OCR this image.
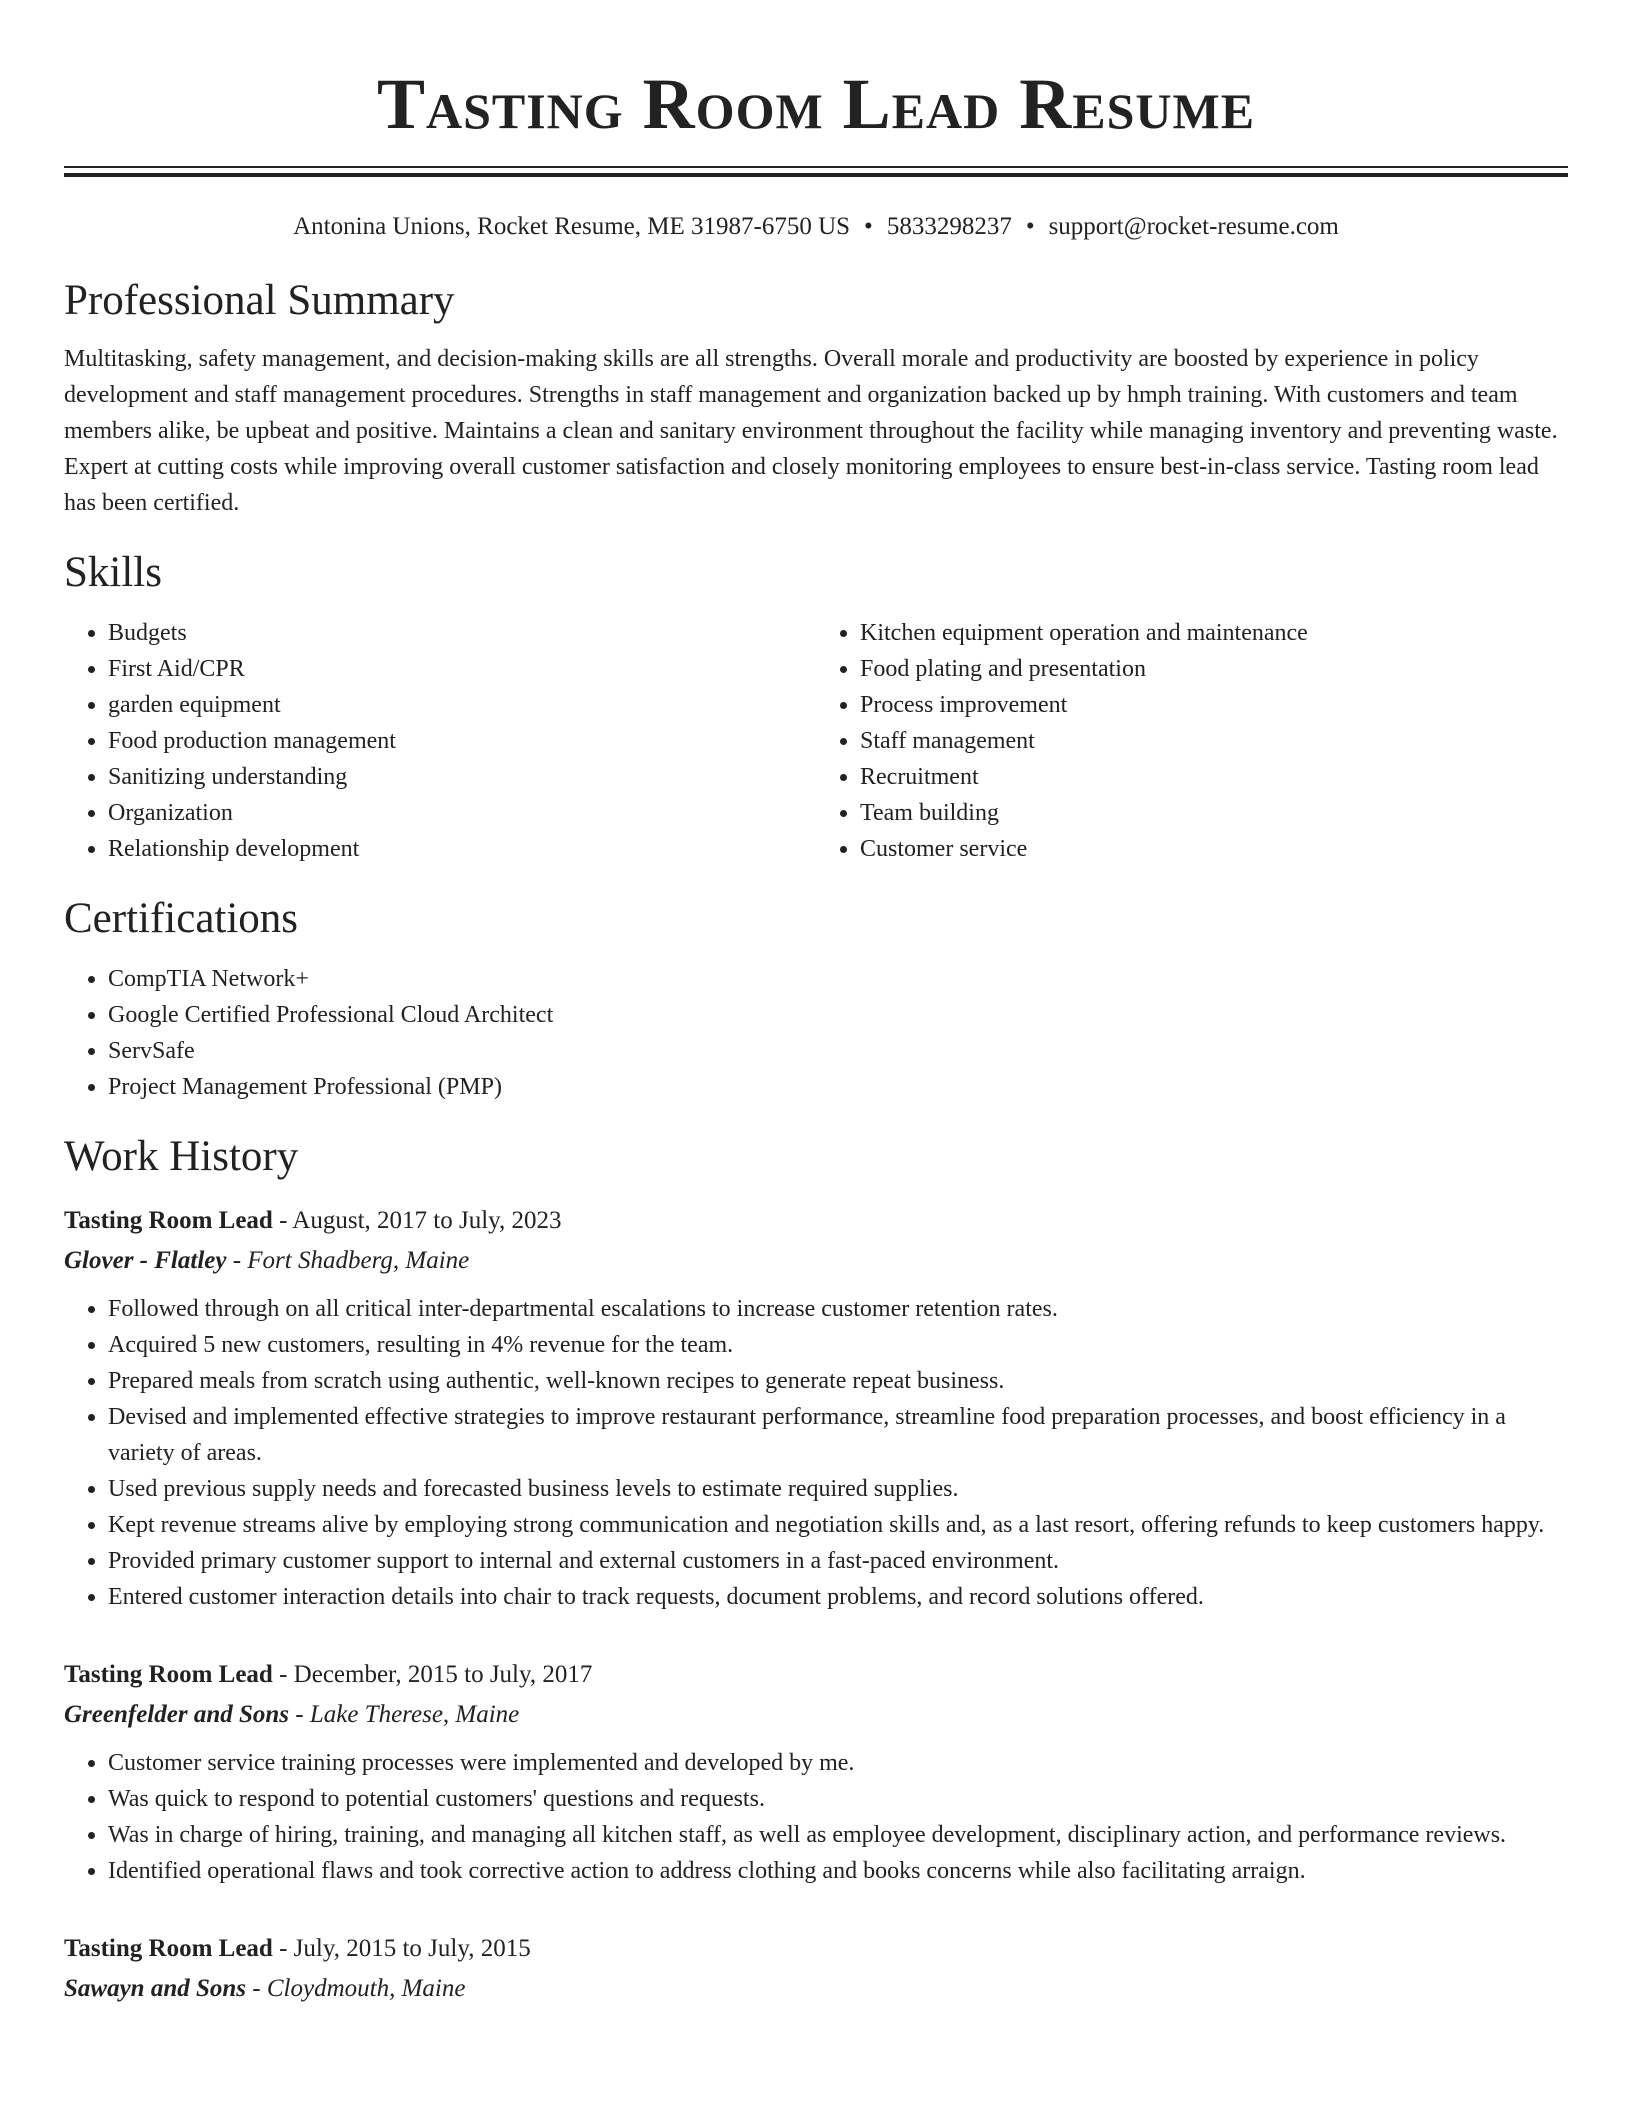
Tasting Room Lead Resume
Antonina Unions, Rocket Resume, ME 31987-6750 US • 5833298237 • support@rocket-resume.com
Professional Summary
Multitasking, safety management, and decision-making skills are all strengths. Overall morale and productivity are boosted by experience in policy development and staff management procedures. Strengths in staff management and organization backed up by hmph training. With customers and team members alike, be upbeat and positive. Maintains a clean and sanitary environment throughout the facility while managing inventory and preventing waste. Expert at cutting costs while improving overall customer satisfaction and closely monitoring employees to ensure best-in-class service. Tasting room lead has been certified.
Skills
• Budgets
• First Aid/CPR
• garden equipment
• Food production management
• Sanitizing understanding
• Organization
• Relationship development
• Kitchen equipment operation and maintenance
• Food plating and presentation
• Process improvement
• Staff management
• Recruitment
• Team building
• Customer service
Certifications
• CompTIA Network+
• Google Certified Professional Cloud Architect
• ServSafe
• Project Management Professional (PMP)
Work History
Tasting Room Lead - August, 2017 to July, 2023
Glover - Flatley - Fort Shadberg, Maine
• Followed through on all critical inter-departmental escalations to increase customer retention rates.
• Acquired 5 new customers, resulting in 4% revenue for the team.
• Prepared meals from scratch using authentic, well-known recipes to generate repeat business.
• Devised and implemented effective strategies to improve restaurant performance, streamline food preparation processes, and boost efficiency in a variety of areas.
• Used previous supply needs and forecasted business levels to estimate required supplies.
• Kept revenue streams alive by employing strong communication and negotiation skills and, as a last resort, offering refunds to keep customers happy.
• Provided primary customer support to internal and external customers in a fast-paced environment.
• Entered customer interaction details into chair to track requests, document problems, and record solutions offered.
Tasting Room Lead - December, 2015 to July, 2017
Greenfelder and Sons - Lake Therese, Maine
• Customer service training processes were implemented and developed by me.
• Was quick to respond to potential customers' questions and requests.
• Was in charge of hiring, training, and managing all kitchen staff, as well as employee development, disciplinary action, and performance reviews.
• Identified operational flaws and took corrective action to address clothing and books concerns while also facilitating arraign.
Tasting Room Lead - July, 2015 to July, 2015
Sawayn and Sons - Cloydmouth, Maine
